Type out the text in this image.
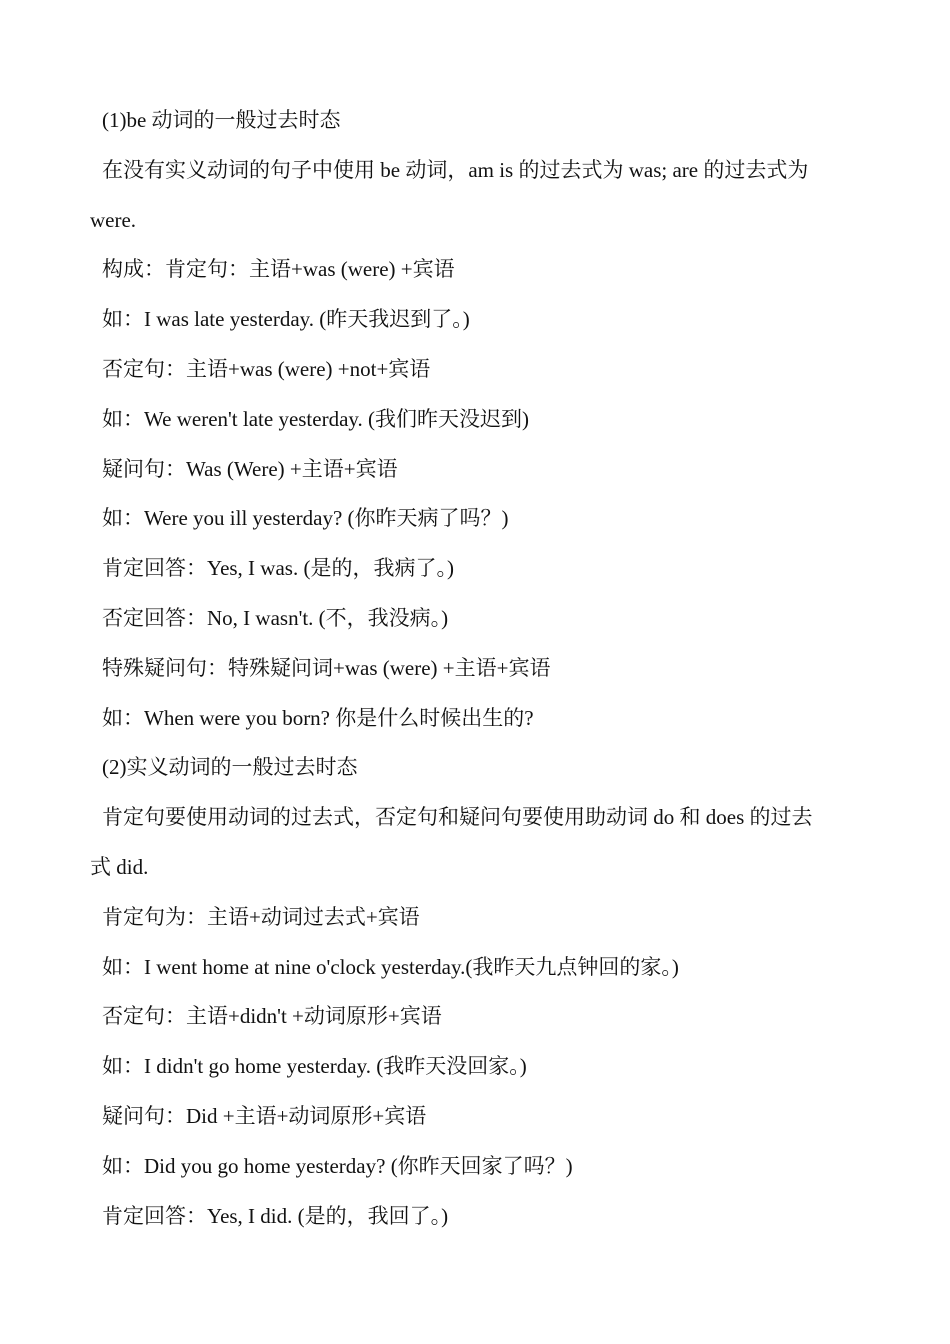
(1)be 动词的一般过去时态
在没有实义动词的句子中使用 be 动词，am is 的过去式为 was; are 的过去式为
were.
构成：肯定句：主语+was (were) +宾语
如：I was late yesterday. (昨天我迟到了。)
否定句：主语+was (were) +not+宾语
如：We weren't late yesterday. (我们昨天没迟到)
疑问句：Was (Were) +主语+宾语
如：Were you ill yesterday? (你昨天病了吗？)
肯定回答：Yes, I was. (是的，我病了。)
否定回答：No, I wasn't. (不，我没病。)
特殊疑问句：特殊疑问词+was (were) +主语+宾语
如：When were you born? 你是什么时候出生的?
(2)实义动词的一般过去时态
肯定句要使用动词的过去式，否定句和疑问句要使用助动词 do 和 does 的过去
式 did.
肯定句为：主语+动词过去式+宾语
如：I went home at nine o'clock yesterday.(我昨天九点钟回的家。)
否定句：主语+didn't +动词原形+宾语
如：I didn't go home yesterday. (我昨天没回家。)
疑问句：Did +主语+动词原形+宾语
如：Did you go home yesterday? (你昨天回家了吗？)
肯定回答：Yes, I did. (是的，我回了。)
